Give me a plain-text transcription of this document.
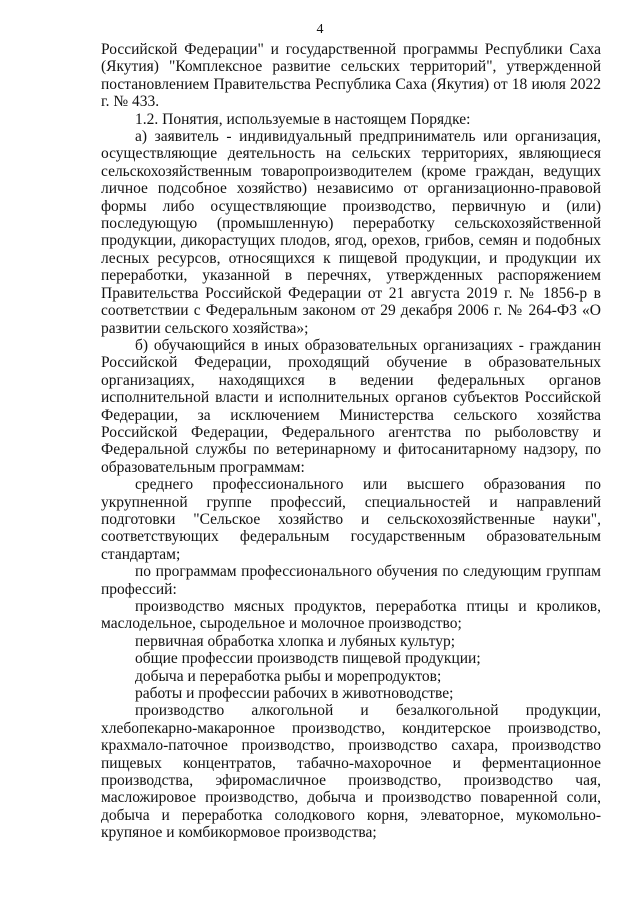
4

Российской Федерации" и государственной программы Республики Саха (Якутия) "Комплексное развитие сельских территорий", утвержденной постановлением Правительства Республика Саха (Якутия) от 18 июля 2022 г. № 433.

1.2. Понятия, используемые в настоящем Порядке:

а) заявитель - индивидуальный предприниматель или организация, осуществляющие деятельность на сельских территориях, являющиеся сельскохозяйственным товаропроизводителем (кроме граждан, ведущих личное подсобное хозяйство) независимо от организационно-правовой формы либо осуществляющие производство, первичную и (или) последующую (промышленную) переработку сельскохозяйственной продукции, дикорастущих плодов, ягод, орехов, грибов, семян и подобных лесных ресурсов, относящихся к пищевой продукции, и продукции их переработки, указанной в перечнях, утвержденных распоряжением Правительства Российской Федерации от 21 августа 2019 г. № 1856-р в соответствии с Федеральным законом от 29 декабря 2006 г. № 264-ФЗ «О развитии сельского хозяйства»;

б) обучающийся в иных образовательных организациях - гражданин Российской Федерации, проходящий обучение в образовательных организациях, находящихся в ведении федеральных органов исполнительной власти и исполнительных органов субъектов Российской Федерации, за исключением Министерства сельского хозяйства Российской Федерации, Федерального агентства по рыболовству и Федеральной службы по ветеринарному и фитосанитарному надзору, по образовательным программам:

среднего профессионального или высшего образования по укрупненной группе профессий, специальностей и направлений подготовки "Сельское хозяйство и сельскохозяйственные науки", соответствующих федеральным государственным образовательным стандартам;

по программам профессионального обучения по следующим группам профессий:

производство мясных продуктов, переработка птицы и кроликов, маслодельное, сыродельное и молочное производство;

первичная обработка хлопка и лубяных культур;

общие профессии производств пищевой продукции;

добыча и переработка рыбы и морепродуктов;

работы и профессии рабочих в животноводстве;

производство алкогольной и безалкогольной продукции, хлебопекарно-макаронное производство, кондитерское производство, крахмало-паточное производство, производство сахара, производство пищевых концентратов, табачно-махорочное и ферментационное производства, эфиромасличное производство, производство чая, масложировое производство, добыча и производство поваренной соли, добыча и переработка солодкового корня, элеваторное, мукомольно-крупяное и комбикормовое производства;
